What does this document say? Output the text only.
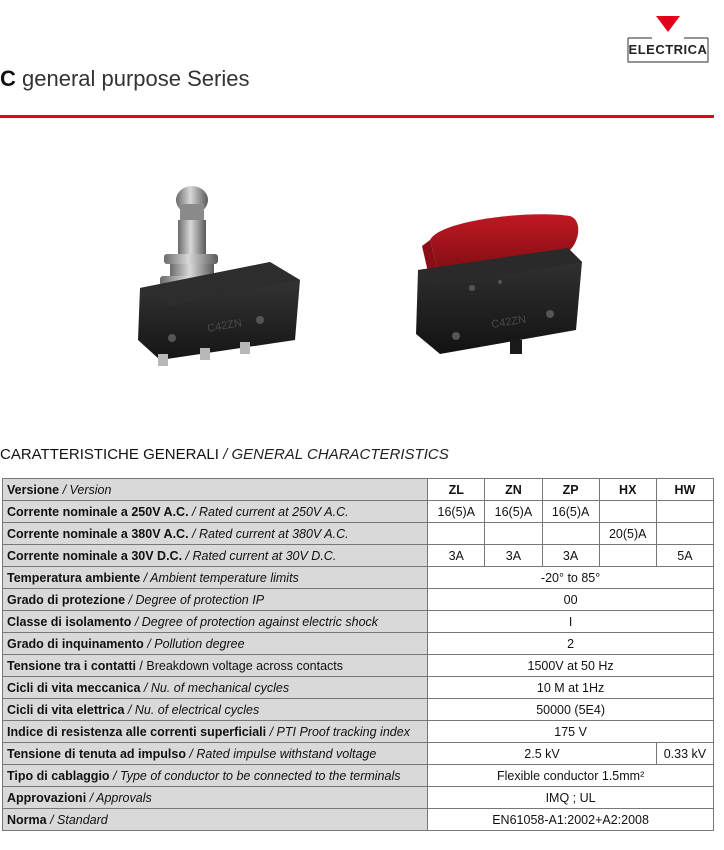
ELECTRICA
C general purpose Series
C42ZN	C42ZN
CARATTERISTICHE GENERALI / GENERAL CHARACTERISTICS
Versione / Version	ZL	ZN	ZP	HX	HW
Corrente nominale a 250V A.C. / Rated current at 250V A.C.	16(5)A	16(5)A	16(5)A		
Corrente nominale a 380V A.C. / Rated current at 380V A.C.				20(5)A	
Corrente nominale a 30V D.C. / Rated current at 30V D.C.	3A	3A	3A		5A
Temperatura ambiente / Ambient temperature limits	-20° to 85°				
Grado di protezione / Degree of protection IP	00				
Classe di isolamento / Degree of protection against electric shock	I				
Grado di inquinamento / Pollution degree	2				
Tensione tra i contatti / Breakdown voltage across contacts	1500V at 50 Hz				
Cicli di vita meccanica / Nu. of mechanical cycles	10 M at 1Hz				
Cicli di vita elettrica / Nu. of electrical cycles	50000 (5E4)				
Indice di resistenza alle correnti superficiali / PTI Proof tracking index	175 V				
Tensione di tenuta ad impulso / Rated impulse withstand voltage	2.5 kV				0.33 kV
Tipo di cablaggio / Type of conductor to be connected to the terminals	Flexible conductor 1.5mm²				
Approvazioni / Approvals	IMQ ; UL				
Norma / Standard	EN61058-A1:2002+A2:2008				
